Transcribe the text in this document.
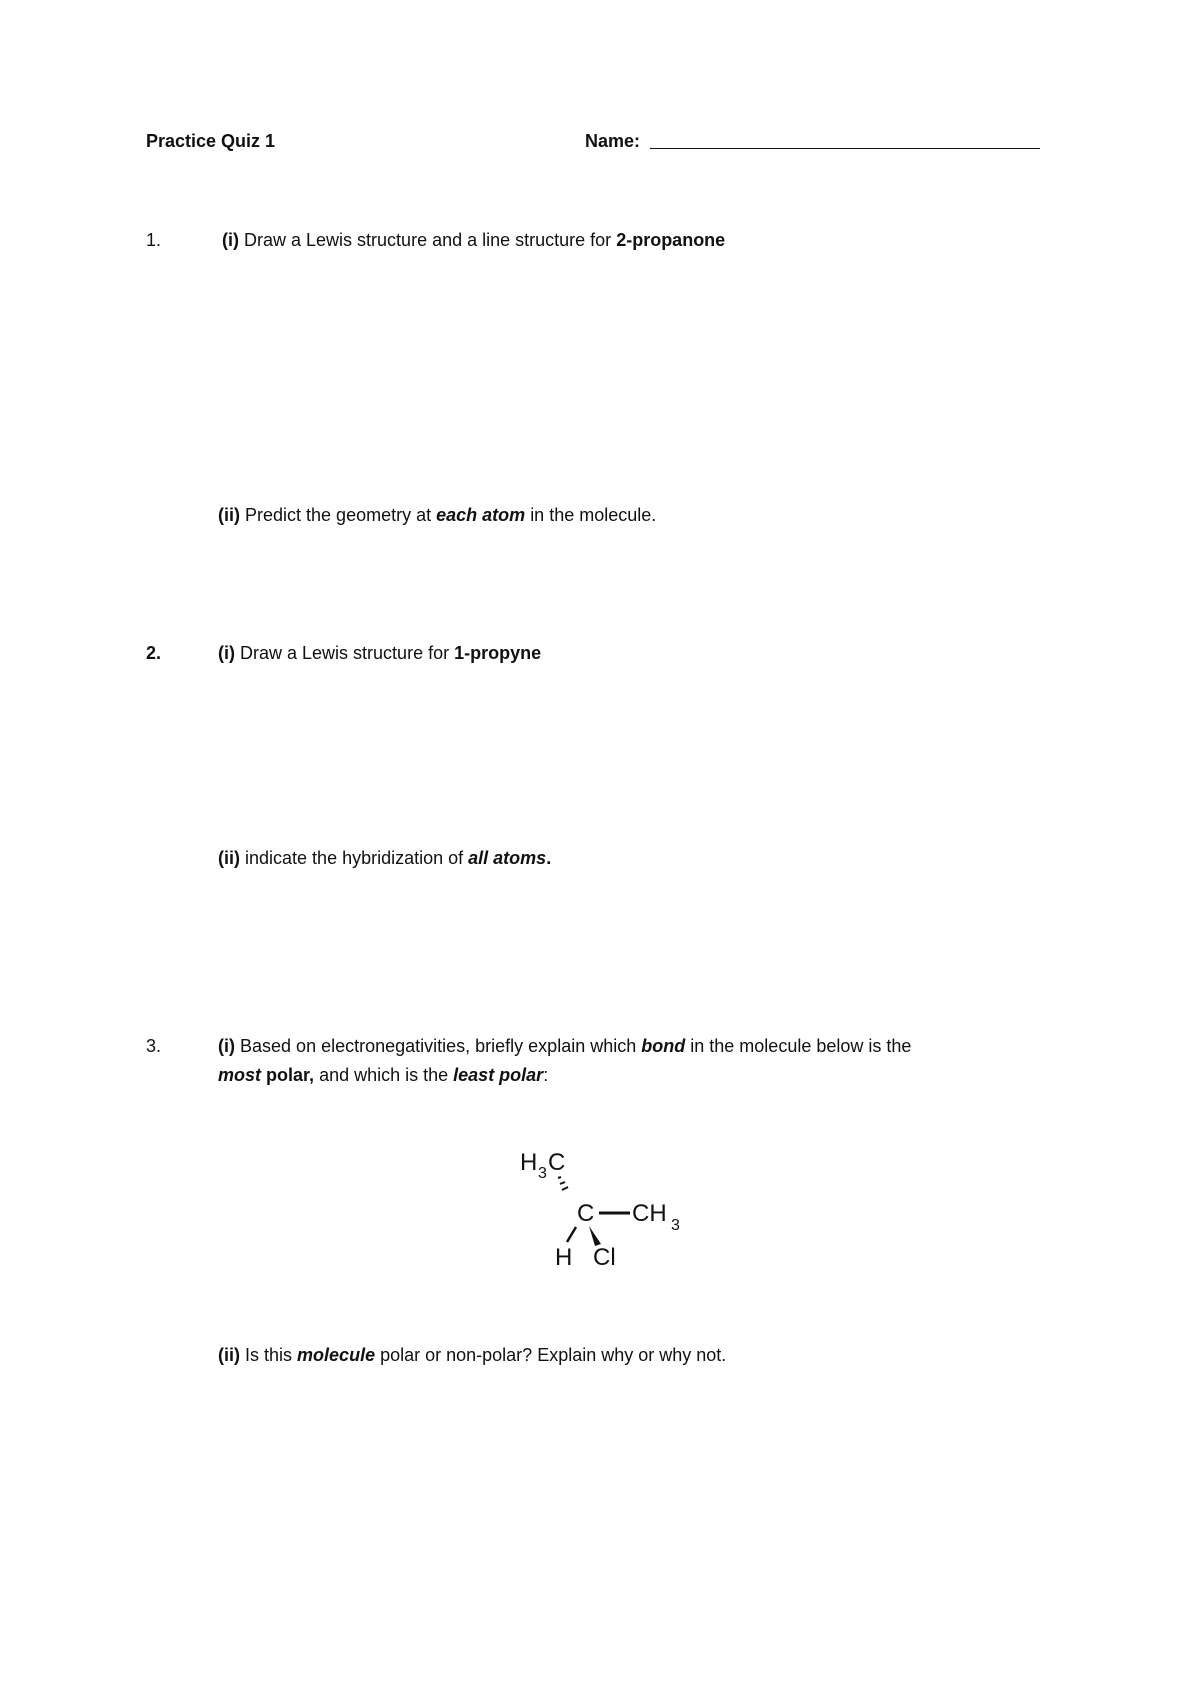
Practice Quiz 1	Name:
1.	(i) Draw a Lewis structure and a line structure for 2-propanone
(ii) Predict the geometry at each atom in the molecule.
2.	(i) Draw a Lewis structure for 1-propyne
(ii) indicate the hybridization of all atoms.
3.	(i) Based on electronegativities, briefly explain which bond in the molecule below is the
most polar, and which is the least polar:
H 3 C
C CH 3
H Cl
(ii) Is this molecule polar or non-polar? Explain why or why not.
